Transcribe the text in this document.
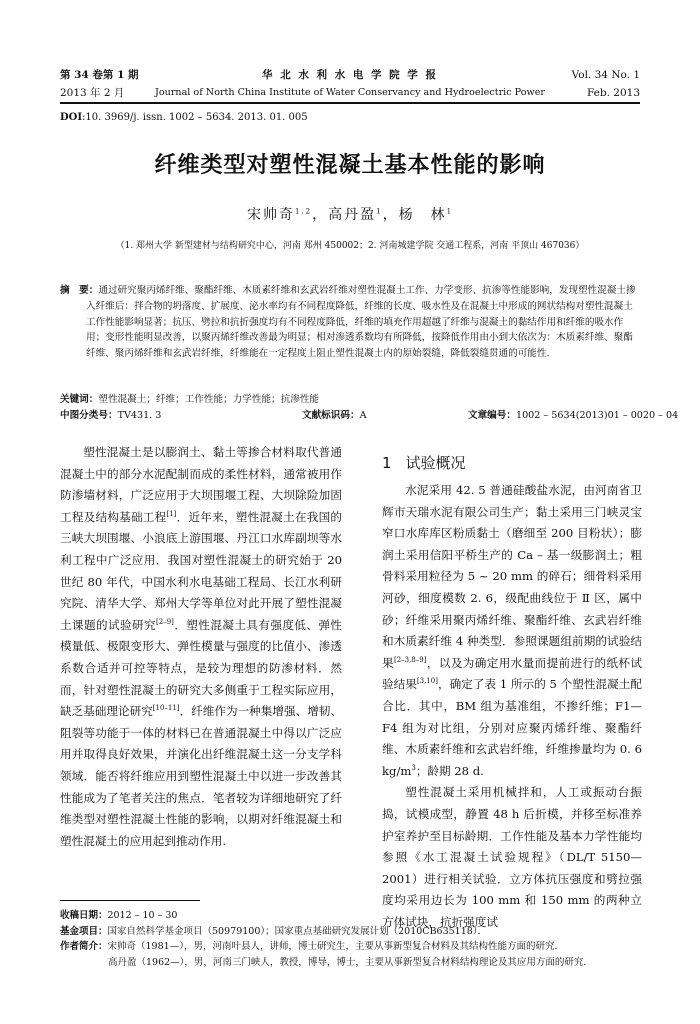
第 34 卷第 1 期
2013 年 2 月
华 北 水 利 水 电 学 院 学 报
Journal of North China Institute of Water Conservancy and Hydroelectric Power
Vol. 34 No. 1
Feb. 2013
DOI:10. 3969/j. issn. 1002 – 5634. 2013. 01. 005
纤维类型对塑性混凝土基本性能的影响
宋帅奇$^{1,2}$，高丹盈$^1$，杨　林$^1$
（1. 郑州大学 新型建材与结构研究中心，河南 郑州 450002；2. 河南城建学院 交通工程系，河南 平顶山 467036）
摘　要：通过研究聚丙烯纤维、聚酯纤维、木质素纤维和玄武岩纤维对塑性混凝土工作、力学变形、抗渗等性能影响，发现塑性混凝土掺入纤维后：拌合物的坍落度、扩展度、泌水率均有不同程度降低，纤维的长度、吸水性及在混凝土中形成的网状结构对塑性混凝土工作性能影响显著；抗压、劈拉和抗折强度均有不同程度降低，纤维的填充作用超越了纤维与混凝土的黏结作用和纤维的吸水作用；变形性能明显改善，以聚丙烯纤维改善最为明显；相对渗透系数均有所降低，按降低作用由小到大依次为：木质素纤维、聚酯纤维、聚丙烯纤维和玄武岩纤维，纤维能在一定程度上阻止塑性混凝土内的原始裂缝，降低裂缝贯通的可能性.
关键词：塑性混凝土；纤维；工作性能；力学性能；抗渗性能
中图分类号：TV431. 3	文献标识码：A	文章编号：1002 – 5634(2013)01 – 0020 – 04

塑性混凝土是以膨润土、黏土等掺合材料取代普通混凝土中的部分水泥配制而成的柔性材料，通常被用作防渗墙材料，广泛应用于大坝围堰工程、大坝除险加固工程及结构基础工程[1]．近年来，塑性混凝土在我国的三峡大坝围堰、小浪底上游围堰、丹江口水库副坝等水利工程中广泛应用．我国对塑性混凝土的研究始于 20 世纪 80 年代，中国水利水电基础工程局、长江水利研究院、清华大学、郑州大学等单位对此开展了塑性混凝土课题的试验研究[2–9]．塑性混凝土具有强度低、弹性模量低、极限变形大、弹性模量与强度的比值小、渗透系数合适并可控等特点，是较为理想的防渗材料．然而，针对塑性混凝土的研究大多侧重于工程实际应用，缺乏基础理论研究[10–11]．纤维作为一种集增强、增韧、阻裂等功能于一体的材料已在普通混凝土中得以广泛应用并取得良好效果，并演化出纤维混凝土这一分支学科领域．能否将纤维应用到塑性混凝土中以进一步改善其性能成为了笔者关注的焦点．笔者较为详细地研究了纤维类型对塑性混凝土性能的影响，以期对纤维混凝土和塑性混凝土的应用起到推动作用.

1 试验概况

水泥采用 42. 5 普通硅酸盐水泥，由河南省卫辉市天瑞水泥有限公司生产；黏土采用三门峡灵宝窄口水库库区粉质黏土（磨细至 200 目粉状）；膨润土采用信阳平桥生产的 Ca – 基一级膨润土；粗骨料采用粒径为 5 ~ 20 mm 的碎石；细骨料采用河砂，细度模数 2. 6，级配曲线位于 Ⅱ 区，属中砂；纤维采用聚丙烯纤维、聚酯纤维、玄武岩纤维和木质素纤维 4 种类型．参照课题组前期的试验结果[2–3,8–9]，以及为确定用水量而提前进行的纸杯试验结果[3,10]，确定了表 1 所示的 5 个塑性混凝土配合比．其中，BM 组为基准组，不掺纤维；F1—F4 组为对比组，分别对应聚丙烯纤维、聚酯纤维、木质素纤维和玄武岩纤维，纤维掺量均为 0. 6 $kg/m^3$；龄期 28 d.

塑性混凝土采用机械拌和，人工或振动台振捣，试模成型，静置 48 h 后折模，并移至标准养护室养护至目标龄期．工作性能及基本力学性能均参照《水工混凝土试验规程》（DL/T 5150—2001）进行相关试验．立方体抗压强度和劈拉强度均采用边长为 100 mm 和 150 mm 的两种立方体试块，抗折强度试

收稿日期：2012 – 10 – 30
基金项目：国家自然科学基金项目（50979100）；国家重点基础研究发展计划（2010CB635118）．
作者简介：宋帅奇（1981—），男，河南叶县人，讲师，博士研究生，主要从事新型复合材料及其结构性能方面的研究．
高丹盈（1962—），男，河南三门峡人，教授，博导，博士，主要从事新型复合材料结构理论及其应用方面的研究．
